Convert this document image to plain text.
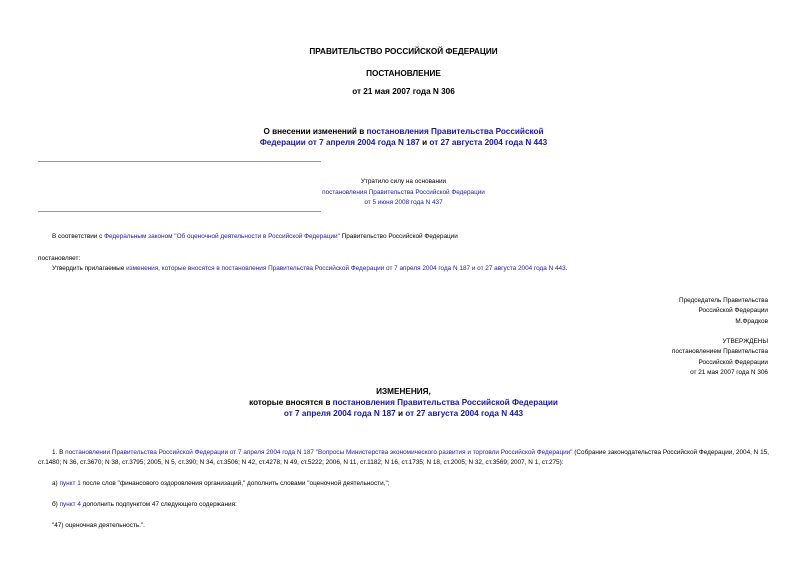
ПРАВИТЕЛЬСТВО РОССИЙСКОЙ ФЕДЕРАЦИИ
ПОСТАНОВЛЕНИЕ
от 21 мая 2007 года N 306
О внесении изменений в постановления Правительства Российской
Федерации от 7 апреля 2004 года N 187 и от 27 августа 2004 года N 443
Утратило силу на основании
постановления Правительства Российской Федерации
от 5 июня 2008 года N 437
В соответствии с Федеральным законом "Об оценочной деятельности в Российской Федерации" Правительство Российской Федерации
постановляет:
Утвердить прилагаемые изменения, которые вносятся в постановления Правительства Российской Федерации от 7 апреля 2004 года N 187 и от 27 августа 2004 года N 443.
Председатель Правительства
Российской Федерации
М.Фрадков
УТВЕРЖДЕНЫ
постановлением Правительства
Российской Федерации
от 21 мая 2007 года N 306
ИЗМЕНЕНИЯ,
которые вносятся в постановления Правительства Российской Федерации
от 7 апреля 2004 года N 187 и от 27 августа 2004 года N 443
1. В постановлении Правительства Российской Федерации от 7 апреля 2004 года N 187 "Вопросы Министерства экономического развития и торговли Российской Федерации" (Собрание законодательства Российской Федерации, 2004, N 15, ст.1480; N 36, ст.3670; N 38, ст.3795; 2005, N 5, ст.390; N 34, ст.3506; N 42, ст.4278; N 49, ст.5222; 2006, N 11, ст.1182; N 16, ст.1735; N 18, ст.2005; N 32, ст.3569; 2007, N 1, ст.275):
а) пункт 1 после слов "финансового оздоровления организаций," дополнить словами "оценочной деятельности,";
б) пункт 4 дополнить подпунктом 47 следующего содержания:
"47) оценочная деятельность.".
